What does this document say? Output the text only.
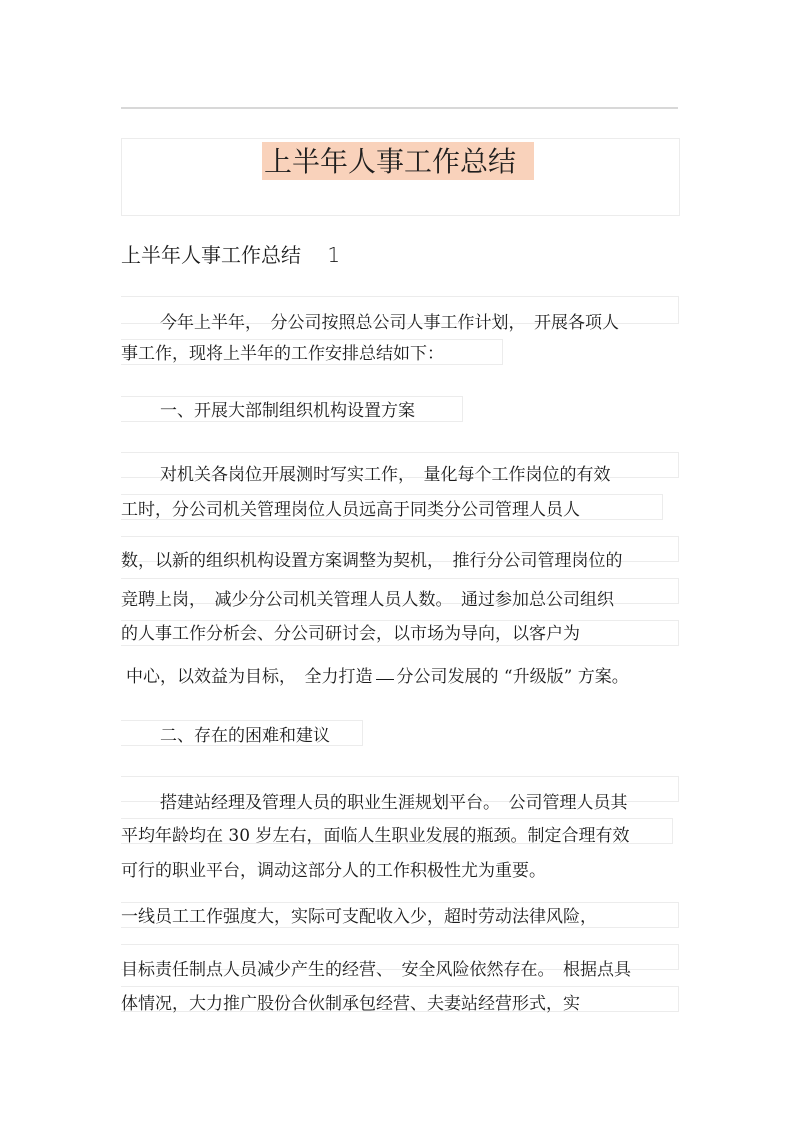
上半年人事工作总结
上半年人事工作总结　 1
今年上半年，　分公司按照总公司人事工作计划，　开展各项人
事工作，现将上半年的工作安排总结如下：
一、开展大部制组织机构设置方案
对机关各岗位开展测时写实工作，　量化每个工作岗位的有效
工时，分公司机关管理岗位人员远高于同类分公司管理人员人
数，以新的组织机构设置方案调整为契机，　推行分公司管理岗位的
竞聘上岗，　减少分公司机关管理人员人数。　通过参加总公司组织
的人事工作分析会、分公司研讨会，以市场为导向，以客户为
中心，以效益为目标，　全力打造 分公司发展的 “升级版” 方案。
二、存在的困难和建议
搭建站经理及管理人员的职业生涯规划平台。　公司管理人员其
平均年龄均在 30 岁左右，面临人生职业发展的瓶颈。制定合理有效
可行的职业平台，调动这部分人的工作积极性尤为重要。
一线员工工作强度大，实际可支配收入少，超时劳动法律风险，
目标责任制点人员减少产生的经营、　安全风险依然存在。　根据点具
体情况，大力推广股份合伙制承包经营、夫妻站经营形式，实
